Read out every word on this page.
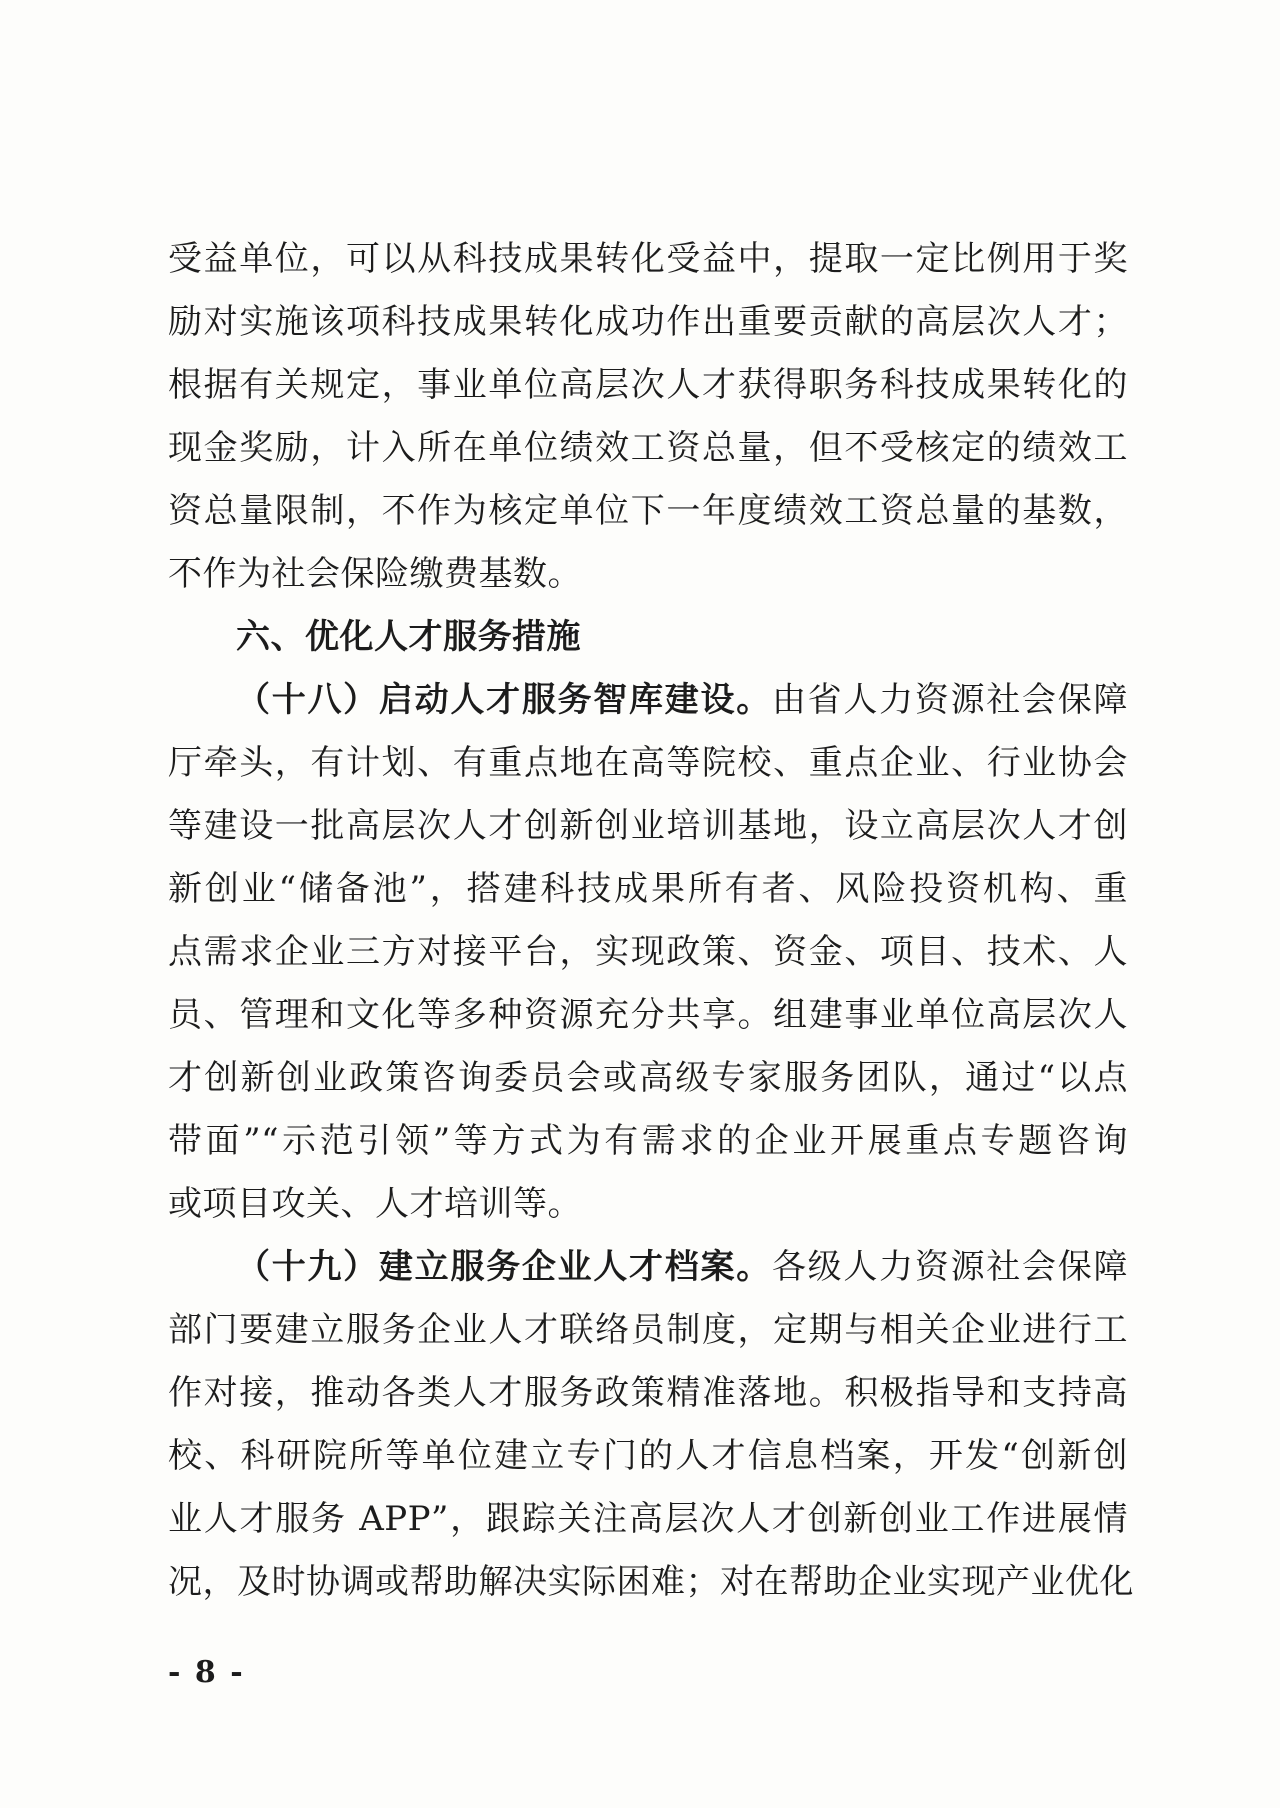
受益单位，可以从科技成果转化受益中，提取一定比例用于奖
励对实施该项科技成果转化成功作出重要贡献的高层次人才；
根据有关规定，事业单位高层次人才获得职务科技成果转化的
现金奖励，计入所在单位绩效工资总量，但不受核定的绩效工
资总量限制，不作为核定单位下一年度绩效工资总量的基数，
不作为社会保险缴费基数。
六、优化人才服务措施
（十八）启动人才服务智库建设。由省人力资源社会保障
厅牵头，有计划、有重点地在高等院校、重点企业、行业协会
等建设一批高层次人才创新创业培训基地，设立高层次人才创
新创业“储备池”，搭建科技成果所有者、风险投资机构、重
点需求企业三方对接平台，实现政策、资金、项目、技术、人
员、管理和文化等多种资源充分共享。组建事业单位高层次人
才创新创业政策咨询委员会或高级专家服务团队，通过“以点
带面”“示范引领”等方式为有需求的企业开展重点专题咨询
或项目攻关、人才培训等。
（十九）建立服务企业人才档案。各级人力资源社会保障
部门要建立服务企业人才联络员制度，定期与相关企业进行工
作对接，推动各类人才服务政策精准落地。积极指导和支持高
校、科研院所等单位建立专门的人才信息档案，开发“创新创
业人才服务 APP”，跟踪关注高层次人才创新创业工作进展情
况，及时协调或帮助解决实际困难；对在帮助企业实现产业优化
- 8 -
